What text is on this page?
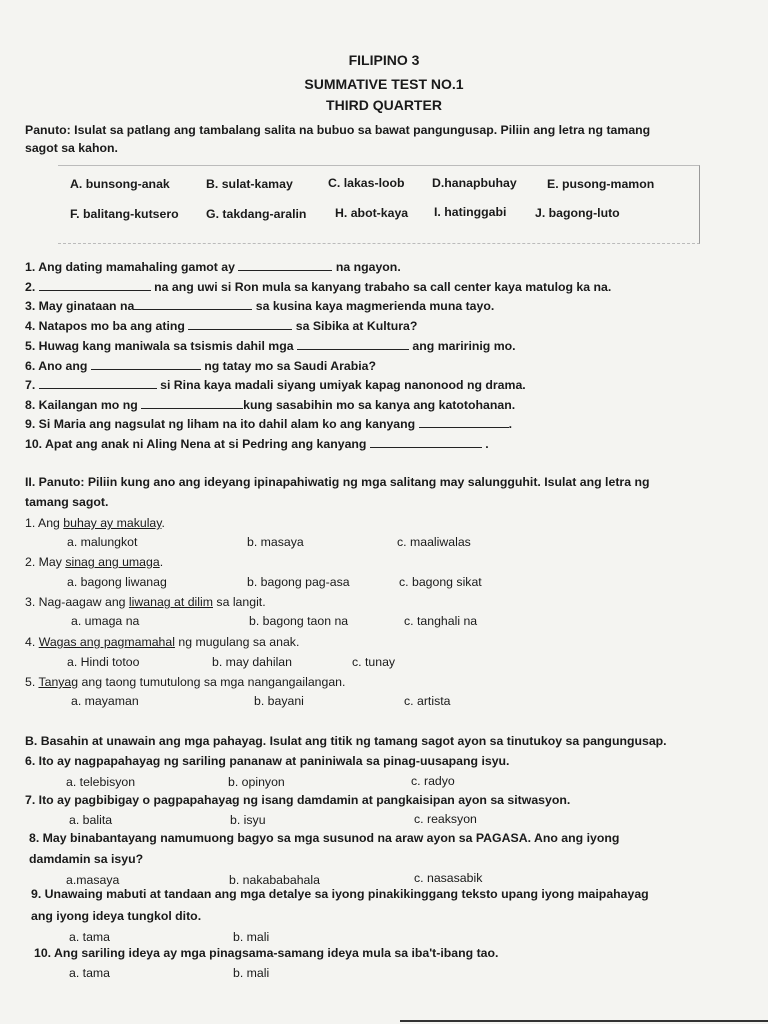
FILIPINO 3
SUMMATIVE TEST NO.1
THIRD QUARTER
Panuto: Isulat sa patlang ang tambalang salita na bubuo sa bawat pangungusap. Piliin ang letra ng tamang
sagot sa kahon.
A. bunsong-anak	B. sulat-kamay	C. lakas-loob D.hanapbuhay E. pusong-mamon
F. balitang-kutsero G. takdang-aralin H. abot-kaya I. hatinggabi J. bagong-luto
1. Ang dating mamahaling gamot ay	na ngayon.
2.	na ang uwi si Ron mula sa kanyang trabaho sa call center kaya matulog ka na.
3. May ginataan na	sa kusina kaya magmerienda muna tayo.
4. Natapos mo ba ang ating	sa Sibika at Kultura?
5. Huwag kang maniwala sa tsismis dahil mga	ang maririnig mo.
6. Ano ang	ng tatay mo sa Saudi Arabia?
7.	si Rina kaya madali siyang umiyak kapag nanonood ng drama.
8. Kailangan mo ng	kung sasabihin mo sa kanya ang katotohanan.
9. Si Maria ang nagsulat ng liham na ito dahil alam ko ang kanyang	.
10. Apat ang anak ni Aling Nena at si Pedring ang kanyang	.
II. Panuto: Piliin kung ano ang ideyang ipinapahiwatig ng mga salitang may salungguhit. Isulat ang letra ng
tamang sagot.
1. Ang buhay ay makulay.
a. malungkot	b. masaya	c. maaliwalas
2. May sinag ang umaga.
a. bagong liwanag	b. bagong pag-asa	c. bagong sikat
3. Nag-aagaw ang liwanag at dilim sa langit.
a. umaga na	b. bagong taon na	c. tanghali na
4. Wagas ang pagmamahal ng mugulang sa anak.
a. Hindi totoo	b. may dahilan	c. tunay
5. Tanyag ang taong tumutulong sa mga nangangailangan.
a. mayaman	b. bayani	c. artista
B. Basahin at unawain ang mga pahayag. Isulat ang titik ng tamang sagot ayon sa tinutukoy sa pangungusap.
6. Ito ay nagpapahayag ng sariling pananaw at paniniwala sa pinag-uusapang isyu.
a. telebisyon	b. opinyon	c. radyo
7. Ito ay pagbibigay o pagpapahayag ng isang damdamin at pangkaisipan ayon sa sitwasyon.
a. balita	b. isyu	c. reaksyon
8. May binabantayang namumuong bagyo sa mga susunod na araw ayon sa PAGASA. Ano ang iyong
damdamin sa isyu?
a.masaya	b. nakababahala	c. nasasabik
9. Unawaing mabuti at tandaan ang mga detalye sa iyong pinakikinggang teksto upang iyong maipahayag
ang iyong ideya tungkol dito.
a. tama	b. mali
10. Ang sariling ideya ay mga pinagsama-samang ideya mula sa iba't-ibang tao.
a. tama	b. mali
